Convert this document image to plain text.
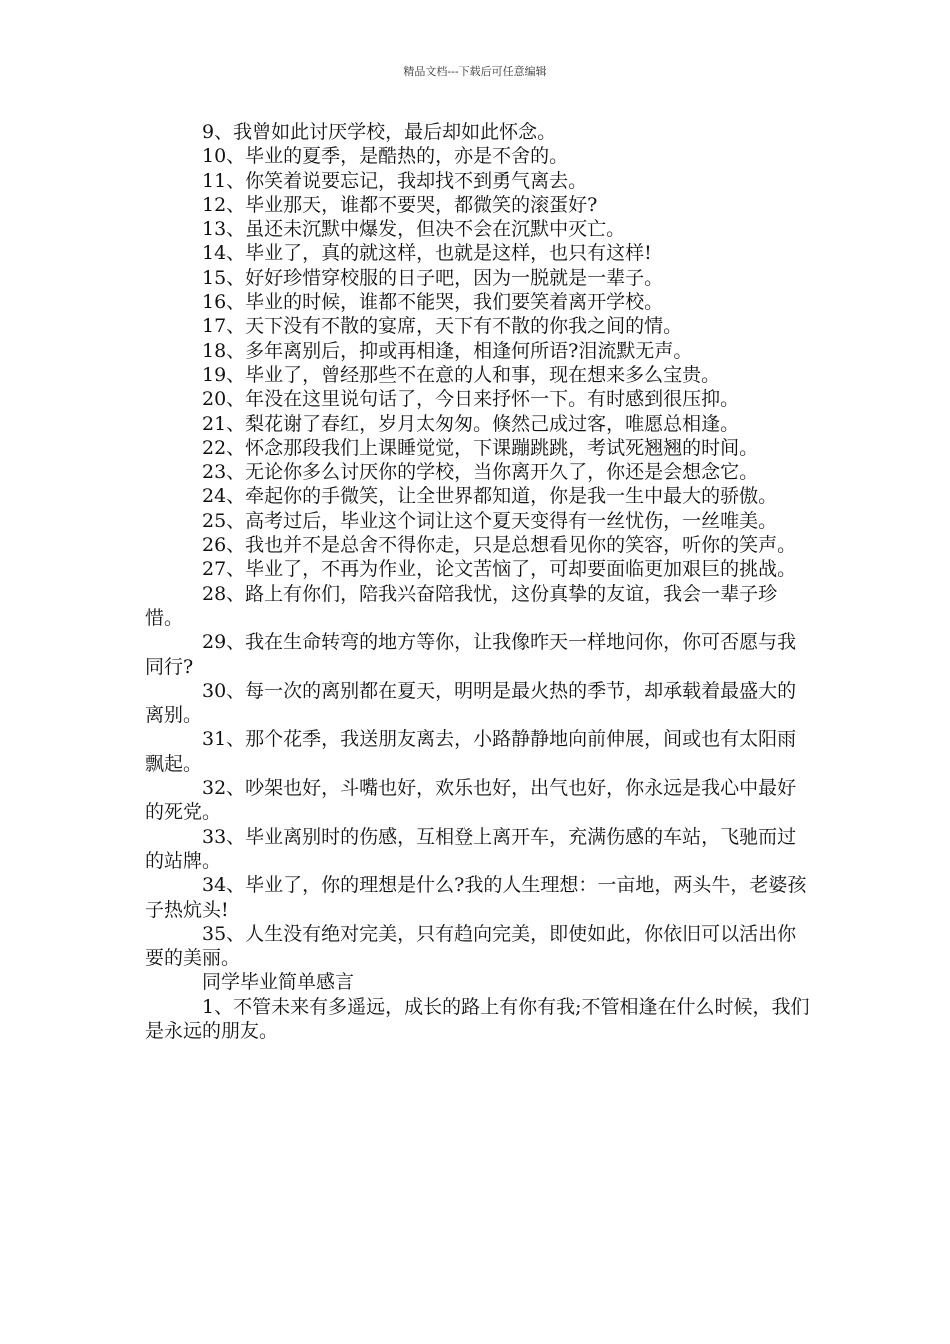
精品文档---下载后可任意编辑

9、我曾如此讨厌学校，最后却如此怀念。

10、毕业的夏季，是酷热的，亦是不舍的。

11、你笑着说要忘记，我却找不到勇气离去。

12、毕业那天，谁都不要哭，都微笑的滚蛋好?

13、虽还未沉默中爆发，但决不会在沉默中灭亡。

14、毕业了，真的就这样，也就是这样，也只有这样!

15、好好珍惜穿校服的日子吧，因为一脱就是一辈子。

16、毕业的时候，谁都不能哭，我们要笑着离开学校。

17、天下没有不散的宴席，天下有不散的你我之间的情。

18、多年离别后，抑或再相逢，相逢何所语?泪流默无声。

19、毕业了，曾经那些不在意的人和事，现在想来多么宝贵。

20、年没在这里说句话了，今日来抒怀一下。有时感到很压抑。

21、梨花谢了春红，岁月太匆匆。倏然己成过客，唯愿总相逢。

22、怀念那段我们上课睡觉觉，下课蹦跳跳，考试死翘翘的时间。

23、无论你多么讨厌你的学校，当你离开久了，你还是会想念它。

24、牵起你的手微笑，让全世界都知道，你是我一生中最大的骄傲。

25、高考过后，毕业这个词让这个夏天变得有一丝忧伤，一丝唯美。

26、我也并不是总舍不得你走，只是总想看见你的笑容，听你的笑声。

27、毕业了，不再为作业，论文苦恼了，可却要面临更加艰巨的挑战。

28、路上有你们，陪我兴奋陪我忧，这份真挚的友谊，我会一辈子珍惜。

29、我在生命转弯的地方等你，让我像昨天一样地问你，你可否愿与我同行?

30、每一次的离别都在夏天，明明是最火热的季节，却承载着最盛大的离别。

31、那个花季，我送朋友离去，小路静静地向前伸展，间或也有太阳雨飘起。

32、吵架也好，斗嘴也好，欢乐也好，出气也好，你永远是我心中最好的死党。

33、毕业离别时的伤感，互相登上离开车，充满伤感的车站，飞驰而过的站牌。

34、毕业了，你的理想是什么?我的人生理想：一亩地，两头牛，老婆孩子热炕头!

35、人生没有绝对完美，只有趋向完美，即使如此，你依旧可以活出你要的美丽。

同学毕业简单感言

1、不管未来有多遥远，成长的路上有你有我;不管相逢在什么时候，我们是永远的朋友。
